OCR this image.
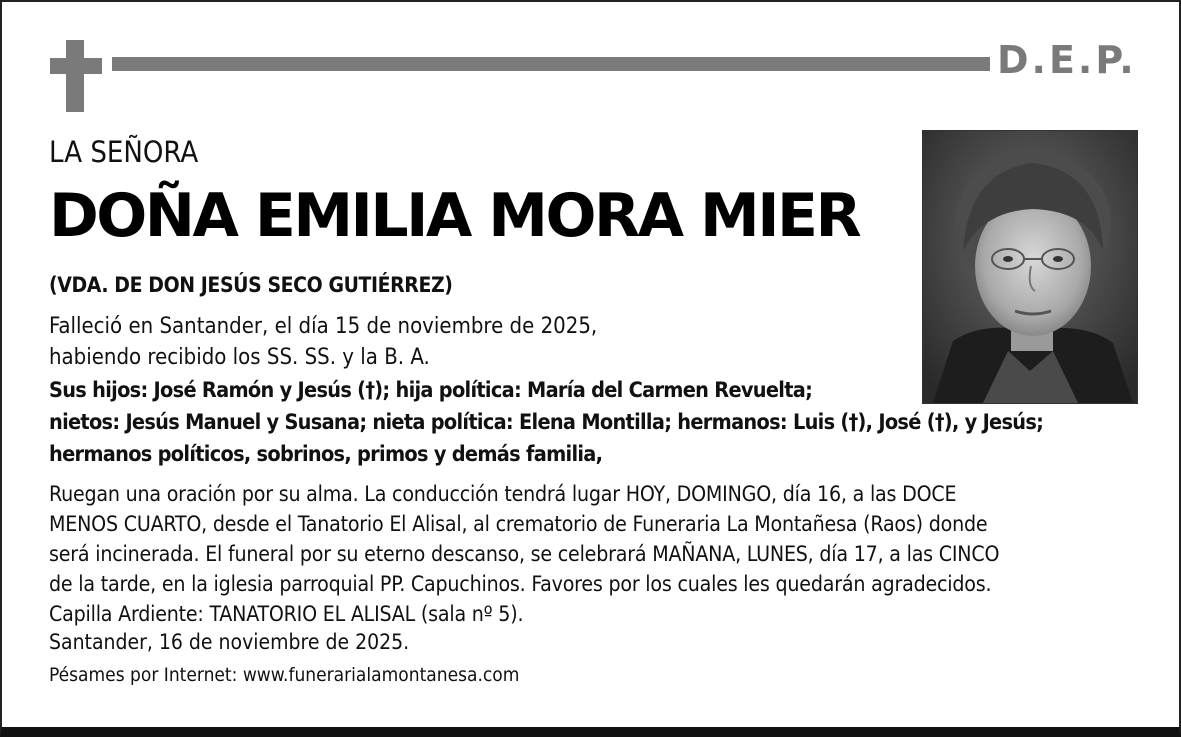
D.E.P.
LA SEÑORA
DOÑA EMILIA MORA MIER
(VDA. DE DON JESÚS SECO GUTIÉRREZ)
Falleció en Santander, el día 15 de noviembre de 2025,
habiendo recibido los SS. SS. y la B. A.
Sus hijos: José Ramón y Jesús (†); hija política: María del Carmen Revuelta;
nietos: Jesús Manuel y Susana; nieta política: Elena Montilla; hermanos: Luis (†), José (†), y Jesús;
hermanos políticos, sobrinos, primos y demás familia,
Ruegan una oración por su alma. La conducción tendrá lugar HOY, DOMINGO, día 16, a las DOCE
MENOS CUARTO, desde el Tanatorio El Alisal, al crematorio de Funeraria La Montañesa (Raos) donde
será incinerada. El funeral por su eterno descanso, se celebrará MAÑANA, LUNES, día 17, a las CINCO
de la tarde, en la iglesia parroquial PP. Capuchinos. Favores por los cuales les quedarán agradecidos.
Capilla Ardiente: TANATORIO EL ALISAL (sala nº 5).
Santander, 16 de noviembre de 2025.
Pésames por Internet: www.funerarialamontanesa.com
